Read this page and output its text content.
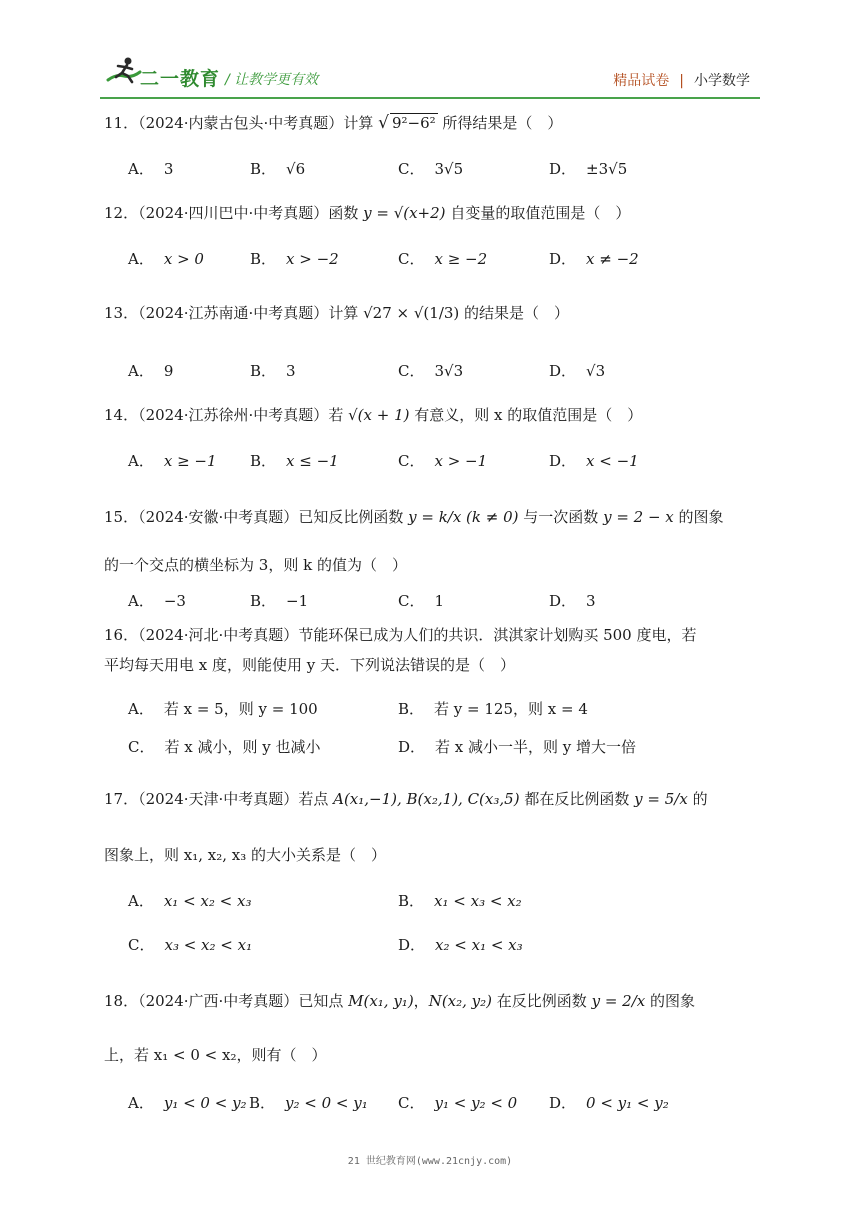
二一教育 / 让教学更有效	精品试卷 | 小学数学
11．（2024·内蒙古包头·中考真题）计算 √ 9²−6² 所得结果是（　）
A． 3	B． √6	C． 3√5	D． ±3√5
12．（2024·四川巴中·中考真题）函数 y = √(x+2) 自变量的取值范围是（　）
A． x > 0	B． x > −2	C． x ≥ −2	D． x ≠ −2
13．（2024·江苏南通·中考真题）计算 √27 × √(1/3) 的结果是（　）
A． 9	B． 3	C． 3√3	D． √3
14．（2024·江苏徐州·中考真题）若 √(x + 1) 有意义，则 x 的取值范围是（　）
A． x ≥ −1 B． x ≤ −1	C． x > −1	D． x < −1
15．（2024·安徽·中考真题）已知反比例函数 y = k/x (k ≠ 0) 与一次函数 y = 2 − x 的图象
的一个交点的横坐标为 3，则 k 的值为（　）
A． −3	B． −1	C． 1	D． 3
16．（2024·河北·中考真题）节能环保已成为人们的共识．淇淇家计划购买 500 度电，若
平均每天用电 x 度，则能使用 y 天．下列说法错误的是（　）
A． 若 x = 5，则 y = 100	B． 若 y = 125，则 x = 4
C． 若 x 减小，则 y 也减小	D． 若 x 减小一半，则 y 增大一倍
17．（2024·天津·中考真题）若点 A(x₁,−1), B(x₂,1), C(x₃,5) 都在反比例函数 y = 5/x 的
图象上，则 x₁, x₂, x₃ 的大小关系是（　）
A． x₁ < x₂ < x₃	B． x₁ < x₃ < x₂
C． x₃ < x₂ < x₁	D． x₂ < x₁ < x₃
18．（2024·广西·中考真题）已知点 M(x₁, y₁)，N(x₂, y₂) 在反比例函数 y = 2/x 的图象
上，若 x₁ < 0 < x₂，则有（　）
A． y₁ < 0 < y₂ B． y₂ < 0 < y₁ C． y₁ < y₂ < 0 D． 0 < y₁ < y₂
21 世纪教育网(www.21cnjy.com)
